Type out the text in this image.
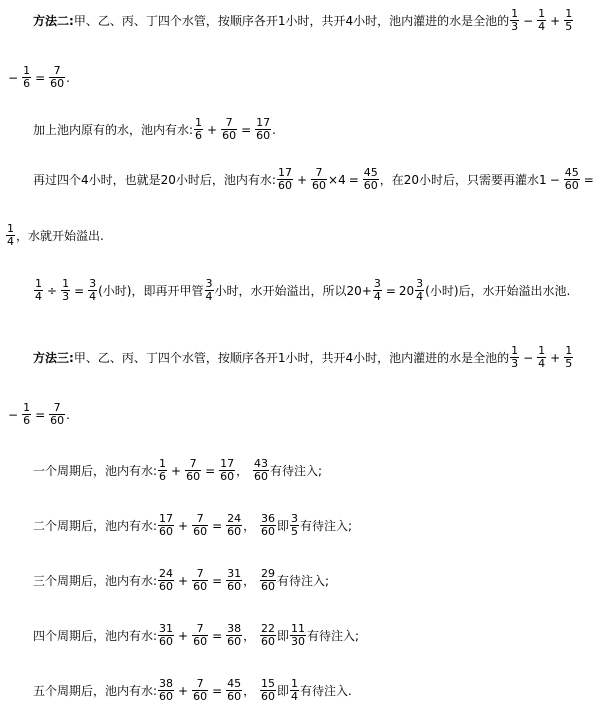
方法二: 甲、乙、丙、丁四个水管，按顺序各开1小时，共开4小时，池内灌进的水是全池的 $\frac{1}{3} - \frac{1}{4} + \frac{1}{5}$
− $\frac{1}{6} = \frac{7}{60}$ .
加上池内原有的水，池内有水: $\frac{1}{6} + \frac{7}{60} = \frac{17}{60}$ .
再过四个4小时，也就是20小时后，池内有水: $\frac{17}{60} + \frac{7}{60} \times 4 = \frac{45}{60}$ ，在20小时后，只需要再灌水$1 - \frac{45}{60}$ =
$\frac{1}{4}$ ，水就开始溢出.
$\frac{1}{4} \div \frac{1}{3} = \frac{3}{4}$ (小时)，即再开甲管 $\frac{3}{4}$ 小时，水开始溢出，所以$20+ \frac{3}{4} = 20 \frac{3}{4}$ (小时)后，水开始溢出水池.
方法三: 甲、乙、丙、丁四个水管，按顺序各开1小时，共开4小时，池内灌进的水是全池的 $\frac{1}{3} - \frac{1}{4} + \frac{1}{5}$
− $\frac{1}{6} = \frac{7}{60}$ .
一个周期后，池内有水: $\frac{1}{6} + \frac{7}{60} = \frac{17}{60}$ ， $\frac{43}{60}$ 有待注入;
二个周期后，池内有水: $\frac{17}{60} + \frac{7}{60} = \frac{24}{60}$ ， $\frac{36}{60}$ 即 $\frac{3}{5}$ 有待注入;
三个周期后，池内有水: $\frac{24}{60} + \frac{7}{60} = \frac{31}{60}$ ， $\frac{29}{60}$ 有待注入;
四个周期后，池内有水: $\frac{31}{60} + \frac{7}{60} = \frac{38}{60}$ ， $\frac{22}{60}$ 即 $\frac{11}{30}$ 有待注入;
五个周期后，池内有水: $\frac{38}{60} + \frac{7}{60} = \frac{45}{60}$ ， $\frac{15}{60}$ 即 $\frac{1}{4}$ 有待注入.
